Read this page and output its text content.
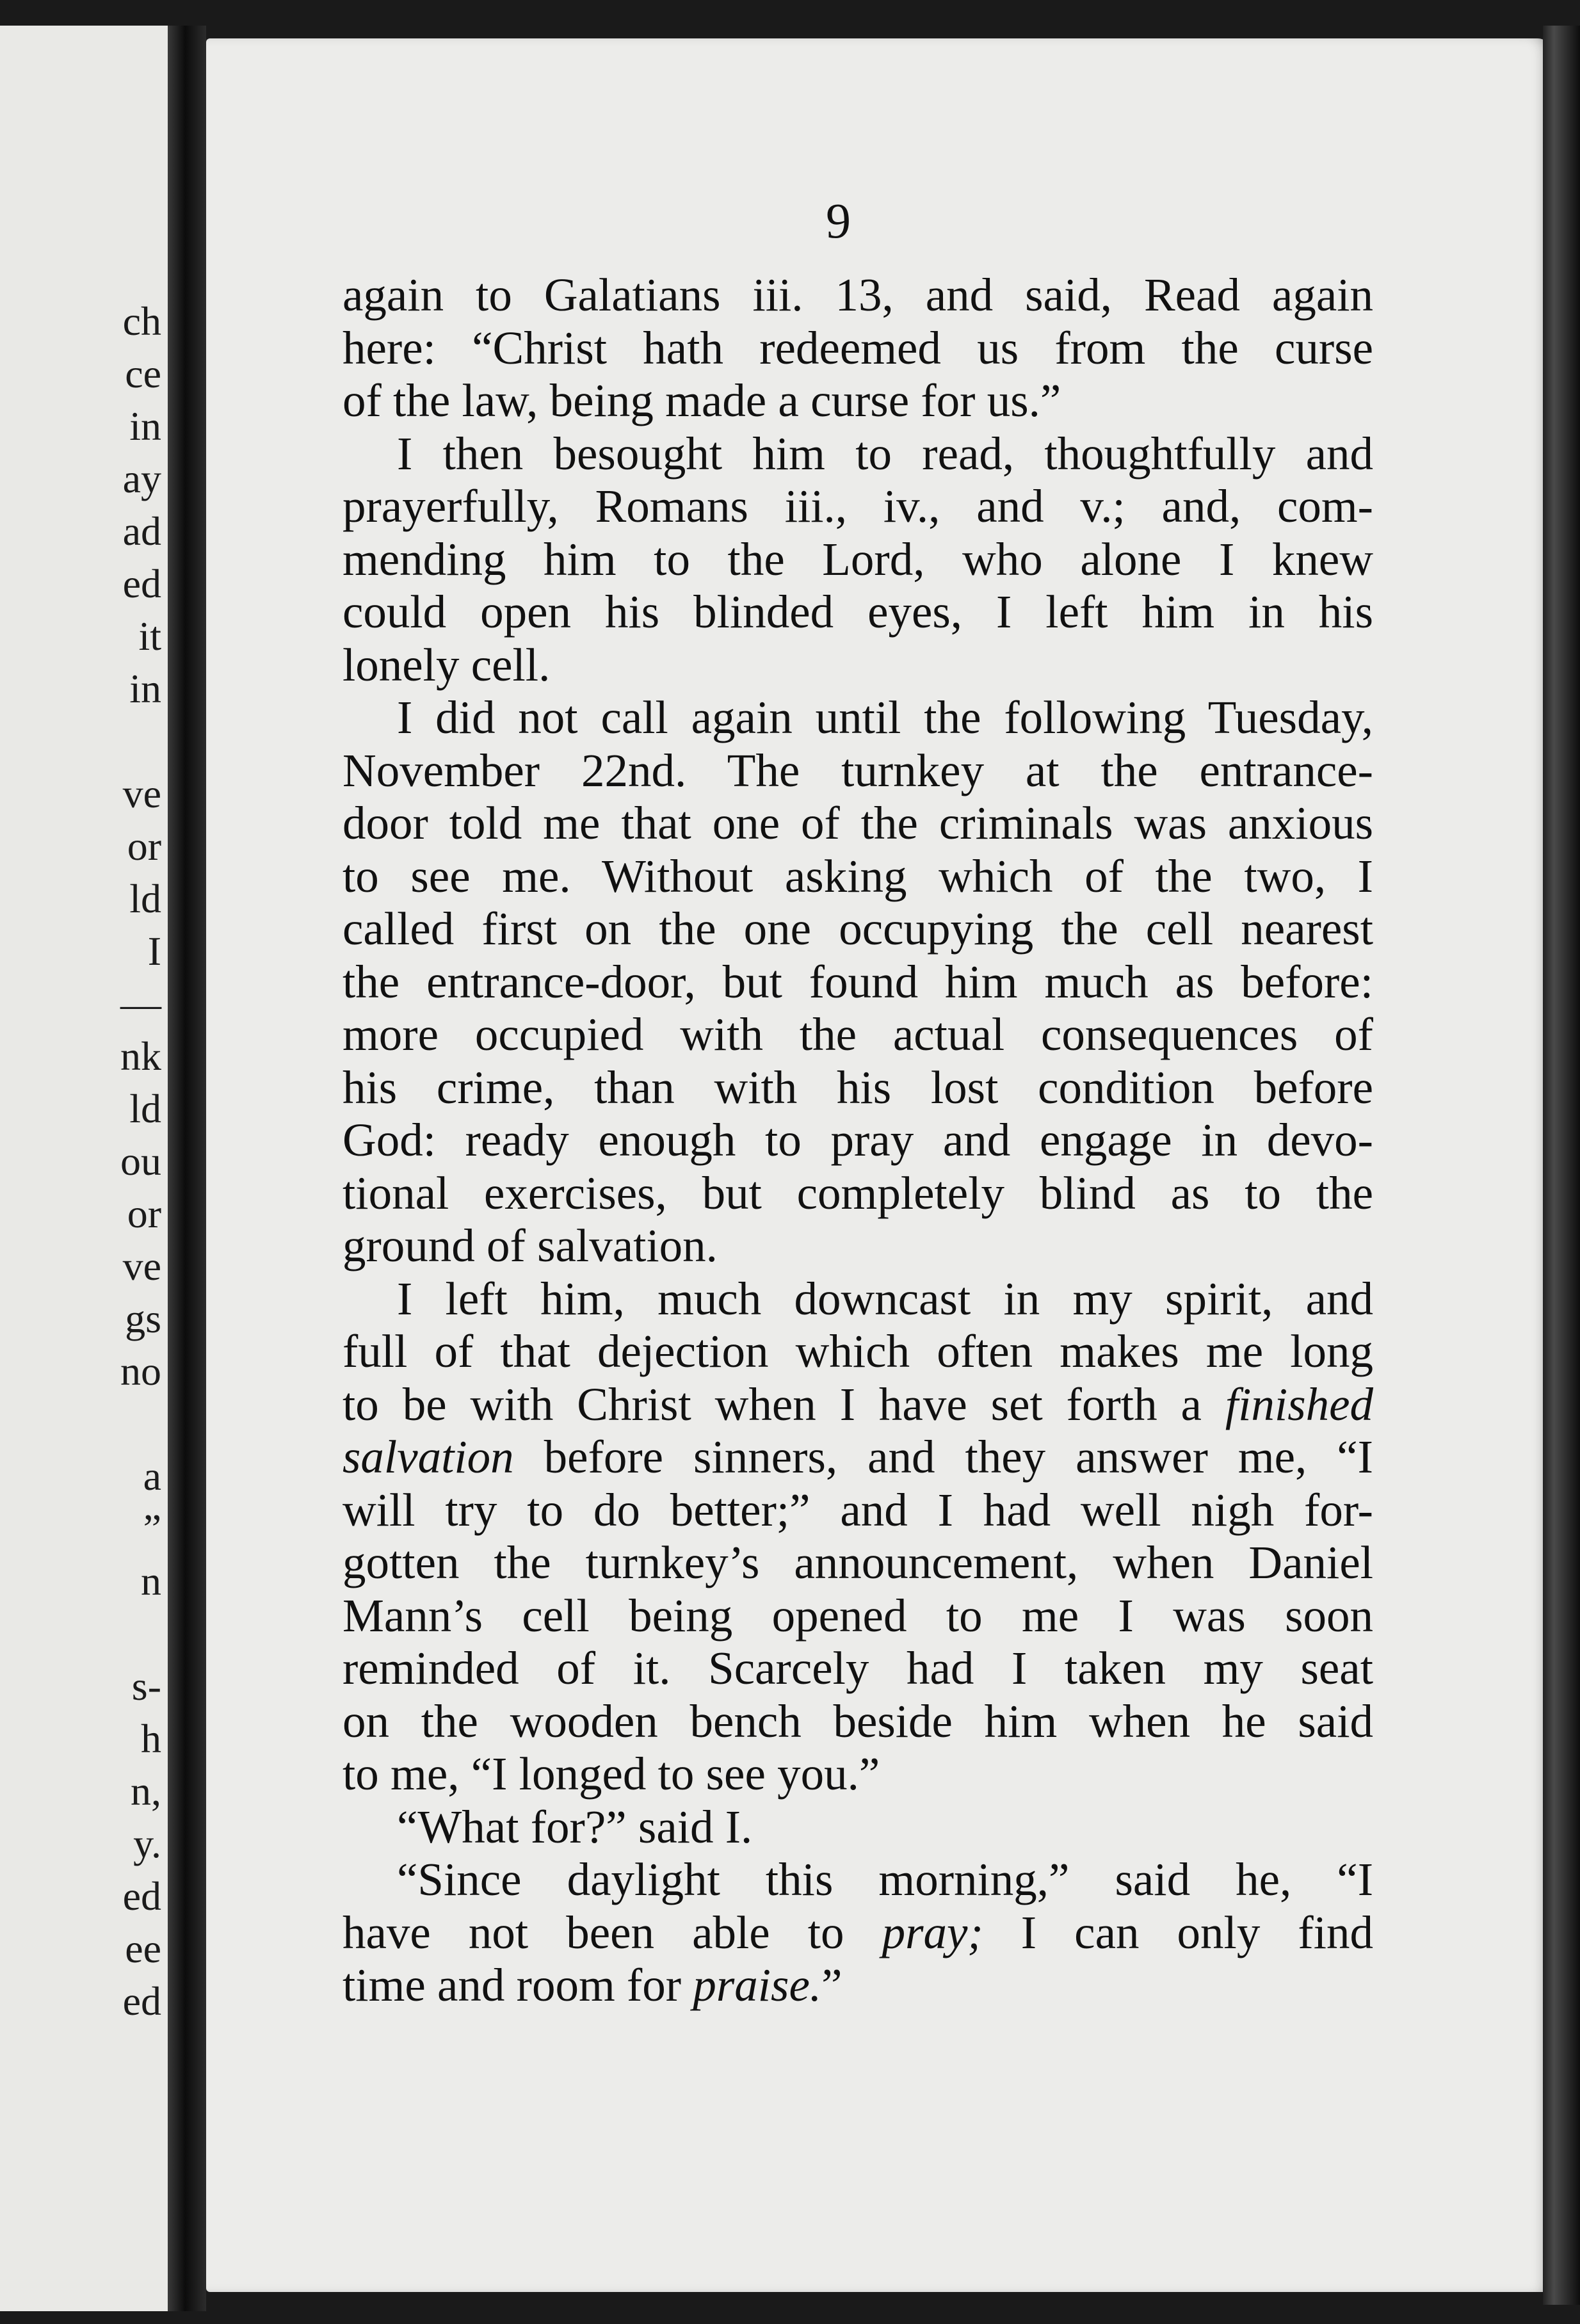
ch
ce
in
ay
ad
ed
it
in
ve
or
ld
I
—
nk
ld
ou
or
ve
gs
no
a
”
n
s-
h
n,
y.
ed
ee
ed
9
again to Galatians iii. 13, and said, Read again
here: “Christ hath redeemed us from the curse
of the law, being made a curse for us.”
I then besought him to read, thoughtfully and
prayerfully, Romans iii., iv., and v.; and, com-
mending him to the Lord, who alone I knew
could open his blinded eyes, I left him in his
lonely cell.
I did not call again until the following Tuesday,
November 22nd. The turnkey at the entrance-
door told me that one of the criminals was anxious
to see me. Without asking which of the two, I
called first on the one occupying the cell nearest
the entrance-door, but found him much as before:
more occupied with the actual consequences of
his crime, than with his lost condition before
God: ready enough to pray and engage in devo-
tional exercises, but completely blind as to the
ground of salvation.
I left him, much downcast in my spirit, and
full of that dejection which often makes me long
to be with Christ when I have set forth a finished
salvation before sinners, and they answer me, “I
will try to do better;” and I had well nigh for-
gotten the turnkey’s announcement, when Daniel
Mann’s cell being opened to me I was soon
reminded of it. Scarcely had I taken my seat
on the wooden bench beside him when he said
to me, “I longed to see you.”
“What for?” said I.
“Since daylight this morning,” said he, “I
have not been able to pray; I can only find
time and room for praise.”
